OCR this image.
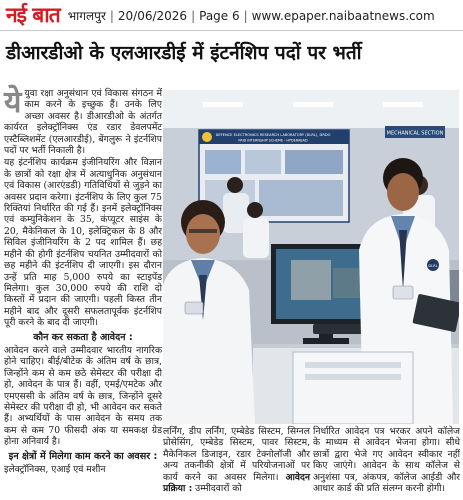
नई बात भागलपुर | 20/06/2026 | Page 6 | www.epaper.naibaatnews.com
डीआरडीओ के एलआरडीई में इंटर्नशिप पदों पर भर्ती

येयुवा रक्षा अनुसंधान एवं विकास संगठन में काम करने के इच्छुक हैं। उनके लिए अच्छा अवसर है। डीआरडीओ के अंतर्गत कार्यरत इलेक्ट्रॉनिक्स एंड रडार डेवलपमेंट एस्टैब्लिशमेंट (एलआरडीई), बेंगलुरू ने इंटर्नशिप पदों पर भर्ती निकाली है।

यह इंटर्नशिप कार्यक्रम इंजीनियरिंग और विज्ञान के छात्रों को रक्षा क्षेत्र में अत्याधुनिक अनुसंधान एवं विकास (आरएंडडी) गतिविधियों से जुड़ने का अवसर प्रदान करेगा। इंटर्नशिप के लिए कुल 75 रिक्तियां निर्धारित की गई हैं। इनमें इलेक्ट्रॉनिक्स एवं कम्युनिकेशन के 35, कंप्यूटर साइंस के 20, मैकेनिकल के 10, इलेक्ट्रिकल के 8 और सिविल इंजीनियरिंग के 2 पद शामिल हैं। छह महीने की होगी इंटर्नशिप चयनित उम्मीदवारों को छह महीने की इंटर्नशिप दी जाएगी। इस दौरान उन्हें प्रति माह 5,000 रुपये का स्टाइपेंड मिलेगा। कुल 30,000 रुपये की राशि दो किस्तों में प्रदान की जाएगी। पहली किस्त तीन महीने बाद और दूसरी सफलतापूर्वक इंटर्नशिप पूरी करने के बाद दी जाएगी।

कौन कर सकता है आवेदन :

आवेदन करने वाले उम्मीदवार भारतीय नागरिक होने चाहिए। बीई/बीटेक के अंतिम वर्ष के छात्र, जिन्होंने कम से कम छठे सेमेस्टर की परीक्षा दी हो, आवेदन के पात्र हैं। वहीं, एमई/एमटेक और एमएससी के अंतिम वर्ष के छात्र, जिन्होंने दूसरे सेमेस्टर की परीक्षा दी हो, भी आवेदन कर सकते हैं। अभ्यर्थियों के पास आवेदन के समय तक कम से कम 70 फीसदी अंक या समकक्ष ग्रेड होना अनिवार्य है।

इन क्षेत्रों में मिलेगा काम करने का अवसर :

इलेक्ट्रॉनिक्स, एआई एवं मशीन

MECHANICAL SECTION
DEFENCE ELECTRONICS RESEARCH LABORATORY (DLRL), DRDO
PAID INTERNSHIP SCHEME - HYDERABAD
DLRL
लर्निंग, डीप लर्निंग, एम्बेडेड सिस्टम, सिग्नल प्रोसेसिंग, एम्बेडेड सिस्टम, पावर सिस्टम, मैकेनिकल डिजाइन, रडार टेक्नोलॉजी और अन्य तकनीकी क्षेत्रों में परियोजनाओं पर कार्य करने का अवसर मिलेगा। आवेदन प्रक्रिया : उम्मीदवारों को
निर्धारित आवेदन पत्र भरकर अपने कॉलेज के माध्यम से आवेदन भेजना होगा। सीधे छात्रों द्वारा भेजे गए आवेदन स्वीकार नहीं किए जाएंगे। आवेदन के साथ कॉलेज से अनुशंसा पत्र, अंकपत्र, कॉलेज आईडी और आधार कार्ड की प्रति संलग्न करनी होगी।
